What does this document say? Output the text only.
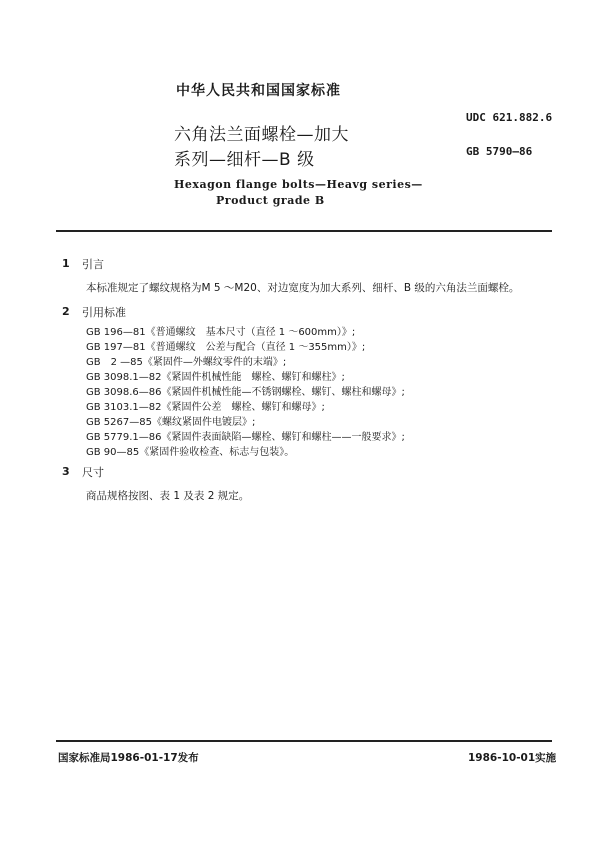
中华人民共和国国家标准
UDC 621.882.6
GB 5790—86
六角法兰面螺栓—加大
系列—细杆—B 级
Hexagon flange bolts—Heavg series—
Product grade B
1 引言
本标准规定了螺纹规格为M 5 ～M20、对边宽度为加大系列、细杆、B 级的六角法兰面螺栓。
2 引用标准
GB 196—81《普通螺纹　基本尺寸（直径 1 ～600mm）》;
GB 197—81《普通螺纹　公差与配合（直径 1 ～355mm）》;
GB　2 —85《紧固件—外螺纹零件的末端》;
GB 3098.1—82《紧固件机械性能　螺栓、螺钉和螺柱》;
GB 3098.6—86《紧固件机械性能—不锈钢螺栓、螺钉、螺柱和螺母》;
GB 3103.1—82《紧固件公差　螺栓、螺钉和螺母》;
GB 5267—85《螺纹紧固件电镀层》;
GB 5779.1—86《紧固件表面缺陷—螺栓、螺钉和螺柱——一般要求》;
GB 90—85《紧固件验收检查、标志与包装》。
3 尺寸
商品规格按图、表 1 及表 2 规定。
国家标准局1986-01-17发布	1986-10-01实施
